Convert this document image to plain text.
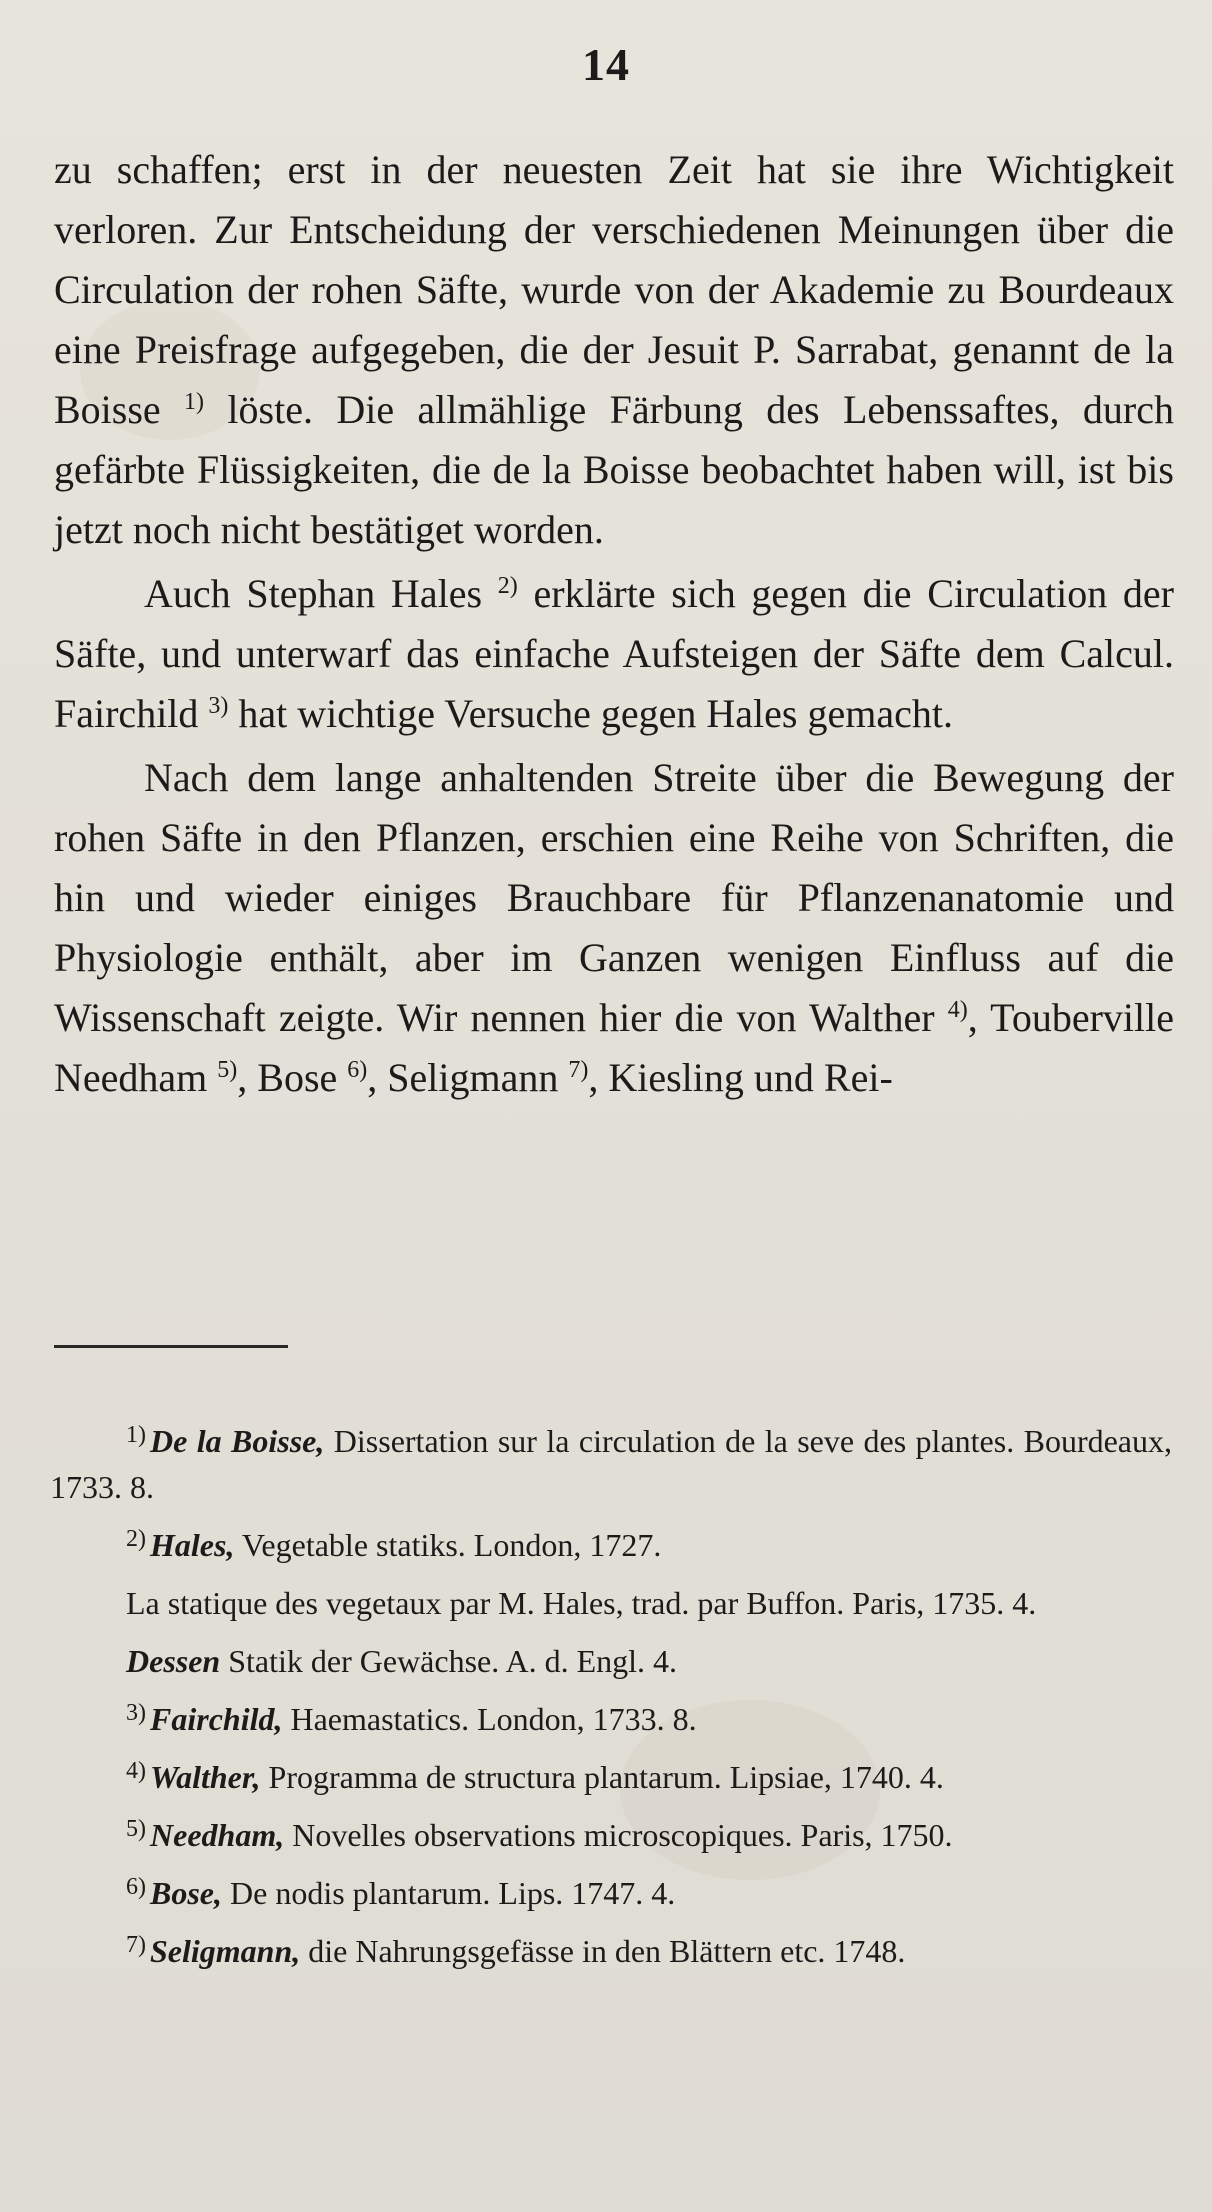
14

zu schaffen; erst in der neuesten Zeit hat sie ihre Wichtigkeit verloren. Zur Entscheidung der verschiedenen Meinungen über die Circulation der rohen Säfte, wurde von der Akademie zu Bourdeaux eine Preisfrage aufgegeben, die der Jesuit P. Sarrabat, genannt de la Boisse $^{1)}$ löste. Die allmählige Färbung des Lebenssaftes, durch gefärbte Flüssigkeiten, die de la Boisse beobachtet haben will, ist bis jetzt noch nicht bestätiget worden.

Auch Stephan Hales $^{2)}$ erklärte sich gegen die Circulation der Säfte, und unterwarf das einfache Aufsteigen der Säfte dem Calcul. Fairchild $^{3)}$ hat wichtige Versuche gegen Hales gemacht.

Nach dem lange anhaltenden Streite über die Bewegung der rohen Säfte in den Pflanzen, erschien eine Reihe von Schriften, die hin und wieder einiges Brauchbare für Pflanzenanatomie und Physiologie enthält, aber im Ganzen wenigen Einfluss auf die Wissenschaft zeigte. Wir nennen hier die von Walther $^{4)}$, Touberville Needham $^{5)}$, Bose $^{6)}$, Seligmann $^{7)}$, Kiesling und Rei-

$^{1)}$ De la Boisse, Dissertation sur la circulation de la seve des plantes. Bourdeaux, 1733. 8.

$^{2)}$ Hales, Vegetable statiks. London, 1727.

La statique des vegetaux par M. Hales, trad. par Buffon. Paris, 1735. 4.

Dessen Statik der Gewächse. A. d. Engl. 4.

$^{3)}$ Fairchild, Haemastatics. London, 1733. 8.

$^{4)}$ Walther, Programma de structura plantarum. Lipsiae, 1740. 4.

$^{5)}$ Needham, Novelles observations microscopiques. Paris, 1750.

$^{6)}$ Bose, De nodis plantarum. Lips. 1747. 4.

$^{7)}$ Seligmann, die Nahrungsgefässe in den Blättern etc. 1748.
